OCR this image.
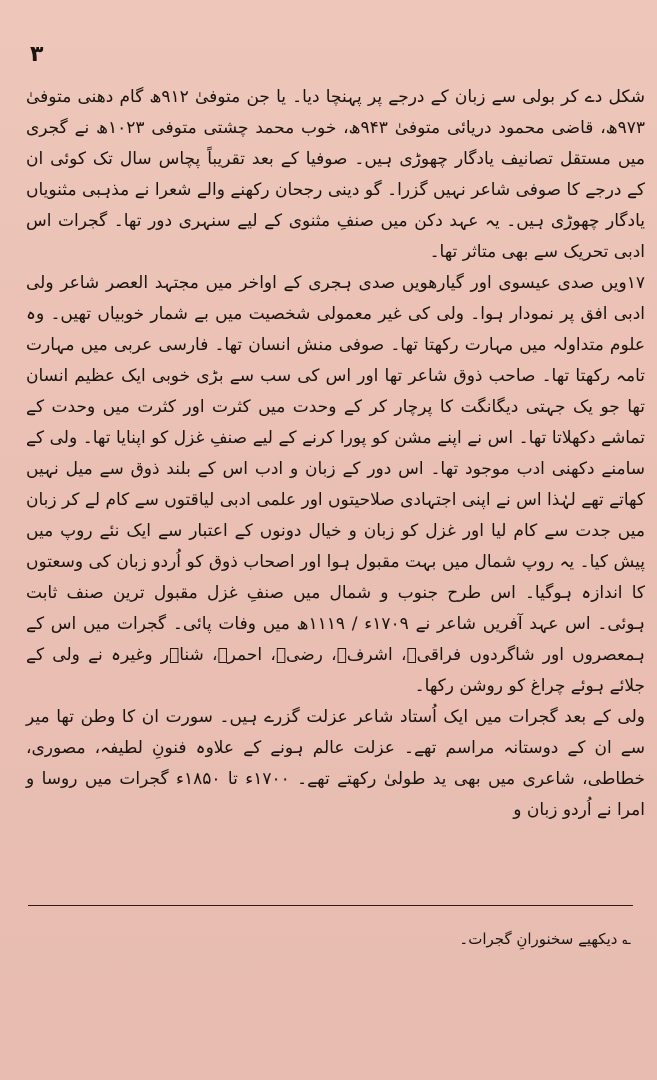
۳

شکل دے کر بولی سے زبان کے درجے پر پہنچا دیا۔ یا جن متوفیٰ ۹۱۲ھ گام دھنی متوفیٰ ۹۷۳ھ، قاضی محمود دریائی متوفیٰ ۹۴۳ھ، خوب محمد چشتی متوفی ۱۰۲۳ھ نے گجری میں مستقل تصانیف یادگار چھوڑی ہیں۔ صوفیا کے بعد تقریباً پچاس سال تک کوئی ان کے درجے کا صوفی شاعر نہیں گزرا۔ گو دینی رجحان رکھنے والے شعرا نے مذہبی مثنویاں یادگار چھوڑی ہیں۔ یہ عہد دکن میں صنفِ مثنوی کے لیے سنہری دور تھا۔ گجرات اس ادبی تحریک سے بھی متاثر تھا۔

۱۷ویں صدی عیسوی اور گیارھویں صدی ہجری کے اواخر میں مجتہد العصر شاعر ولی ادبی افق پر نمودار ہوا۔ ولی کی غیر معمولی شخصیت میں بے شمار خوبیاں تھیں۔ وہ علوم متداولہ میں مہارت رکھتا تھا۔ صوفی منش انسان تھا۔ فارسی عربی میں مہارت تامہ رکھتا تھا۔ صاحب ذوق شاعر تھا اور اس کی سب سے بڑی خوبی ایک عظیم انسان تھا جو یک جہتی دیگانگت کا پرچار کر کے وحدت میں کثرت اور کثرت میں وحدت کے تماشے دکھلاتا تھا۔ اس نے اپنے مشن کو پورا کرنے کے لیے صنفِ غزل کو اپنایا تھا۔ ولی کے سامنے دکھنی ادب موجود تھا۔ اس دور کے زبان و ادب اس کے بلند ذوق سے میل نہیں کھاتے تھے لہٰذا اس نے اپنی اجتہادی صلاحیتوں اور علمی ادبی لیاقتوں سے کام لے کر زبان میں جدت سے کام لیا اور غزل کو زبان و خیال دونوں کے اعتبار سے ایک نئے روپ میں پیش کیا۔ یہ روپ شمال میں بہت مقبول ہوا اور اصحاب ذوق کو اُردو زبان کی وسعتوں کا اندازہ ہوگیا۔ اس طرح جنوب و شمال میں صنفِ غزل مقبول ترین صنف ثابت ہوئی۔ اس عہد آفریں شاعر نے ۱۷۰۹ء / ۱۱۱۹ھ میں وفات پائی۔ گجرات میں اس کے ہمعصروں اور شاگردوں فراقیؔ، اشرفؔ، رضیؔ، احمرؔ، شناؔر وغیرہ نے ولی کے جلائے ہوئے چراغ کو روشن رکھا۔

ولی کے بعد گجرات میں ایک اُستاد شاعر عزلت گزرے ہیں۔ سورت ان کا وطن تھا میر سے ان کے دوستانہ مراسم تھے۔ عزلت عالم ہونے کے علاوہ فنونِ لطیفہ، مصوری، خطاطی، شاعری میں بھی ید طولیٰ رکھتے تھے۔ ۱۷۰۰ء تا ۱۸۵۰ء گجرات میں روسا و امرا نے اُردو زبان و

؎ دیکھیے سخنورانِ گجرات۔
